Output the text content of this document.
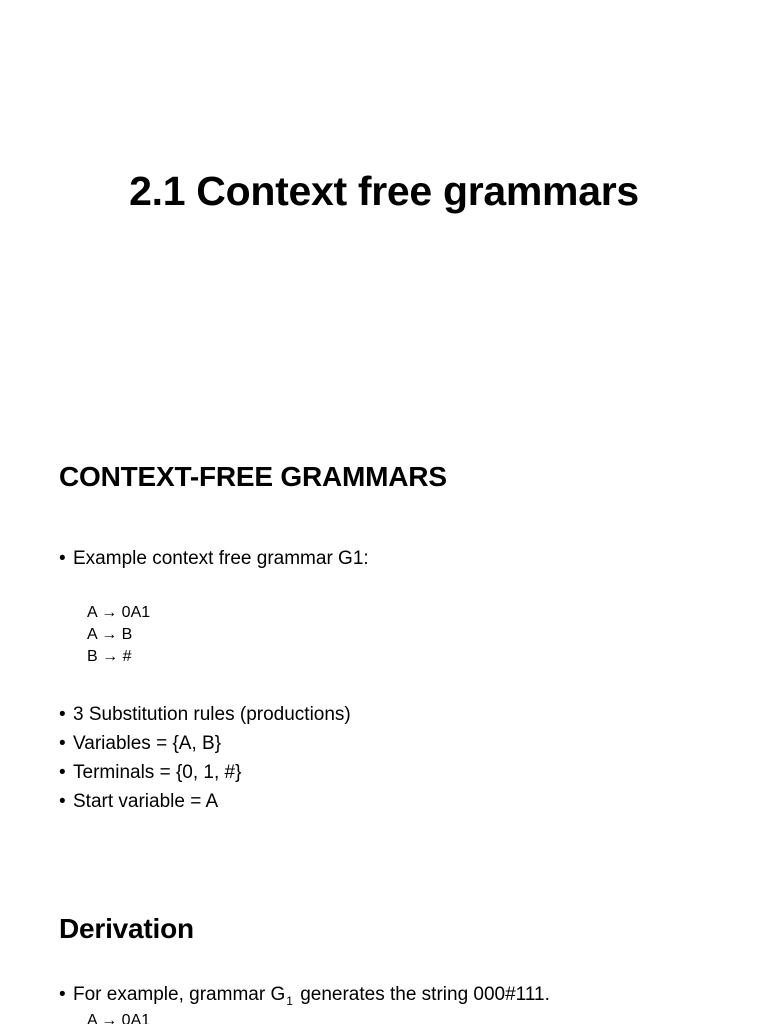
2.1 Context free grammars
CONTEXT-FREE GRAMMARS

• Example context free grammar G1:

A → 0A1

A → B

B → #

• 3 Substitution rules (productions)

• Variables = {A, B}

• Terminals = {0, 1, #}

• Start variable = A

Derivation

• For example, grammar $G_1$ generates the string 000#111.

A → 0A1
